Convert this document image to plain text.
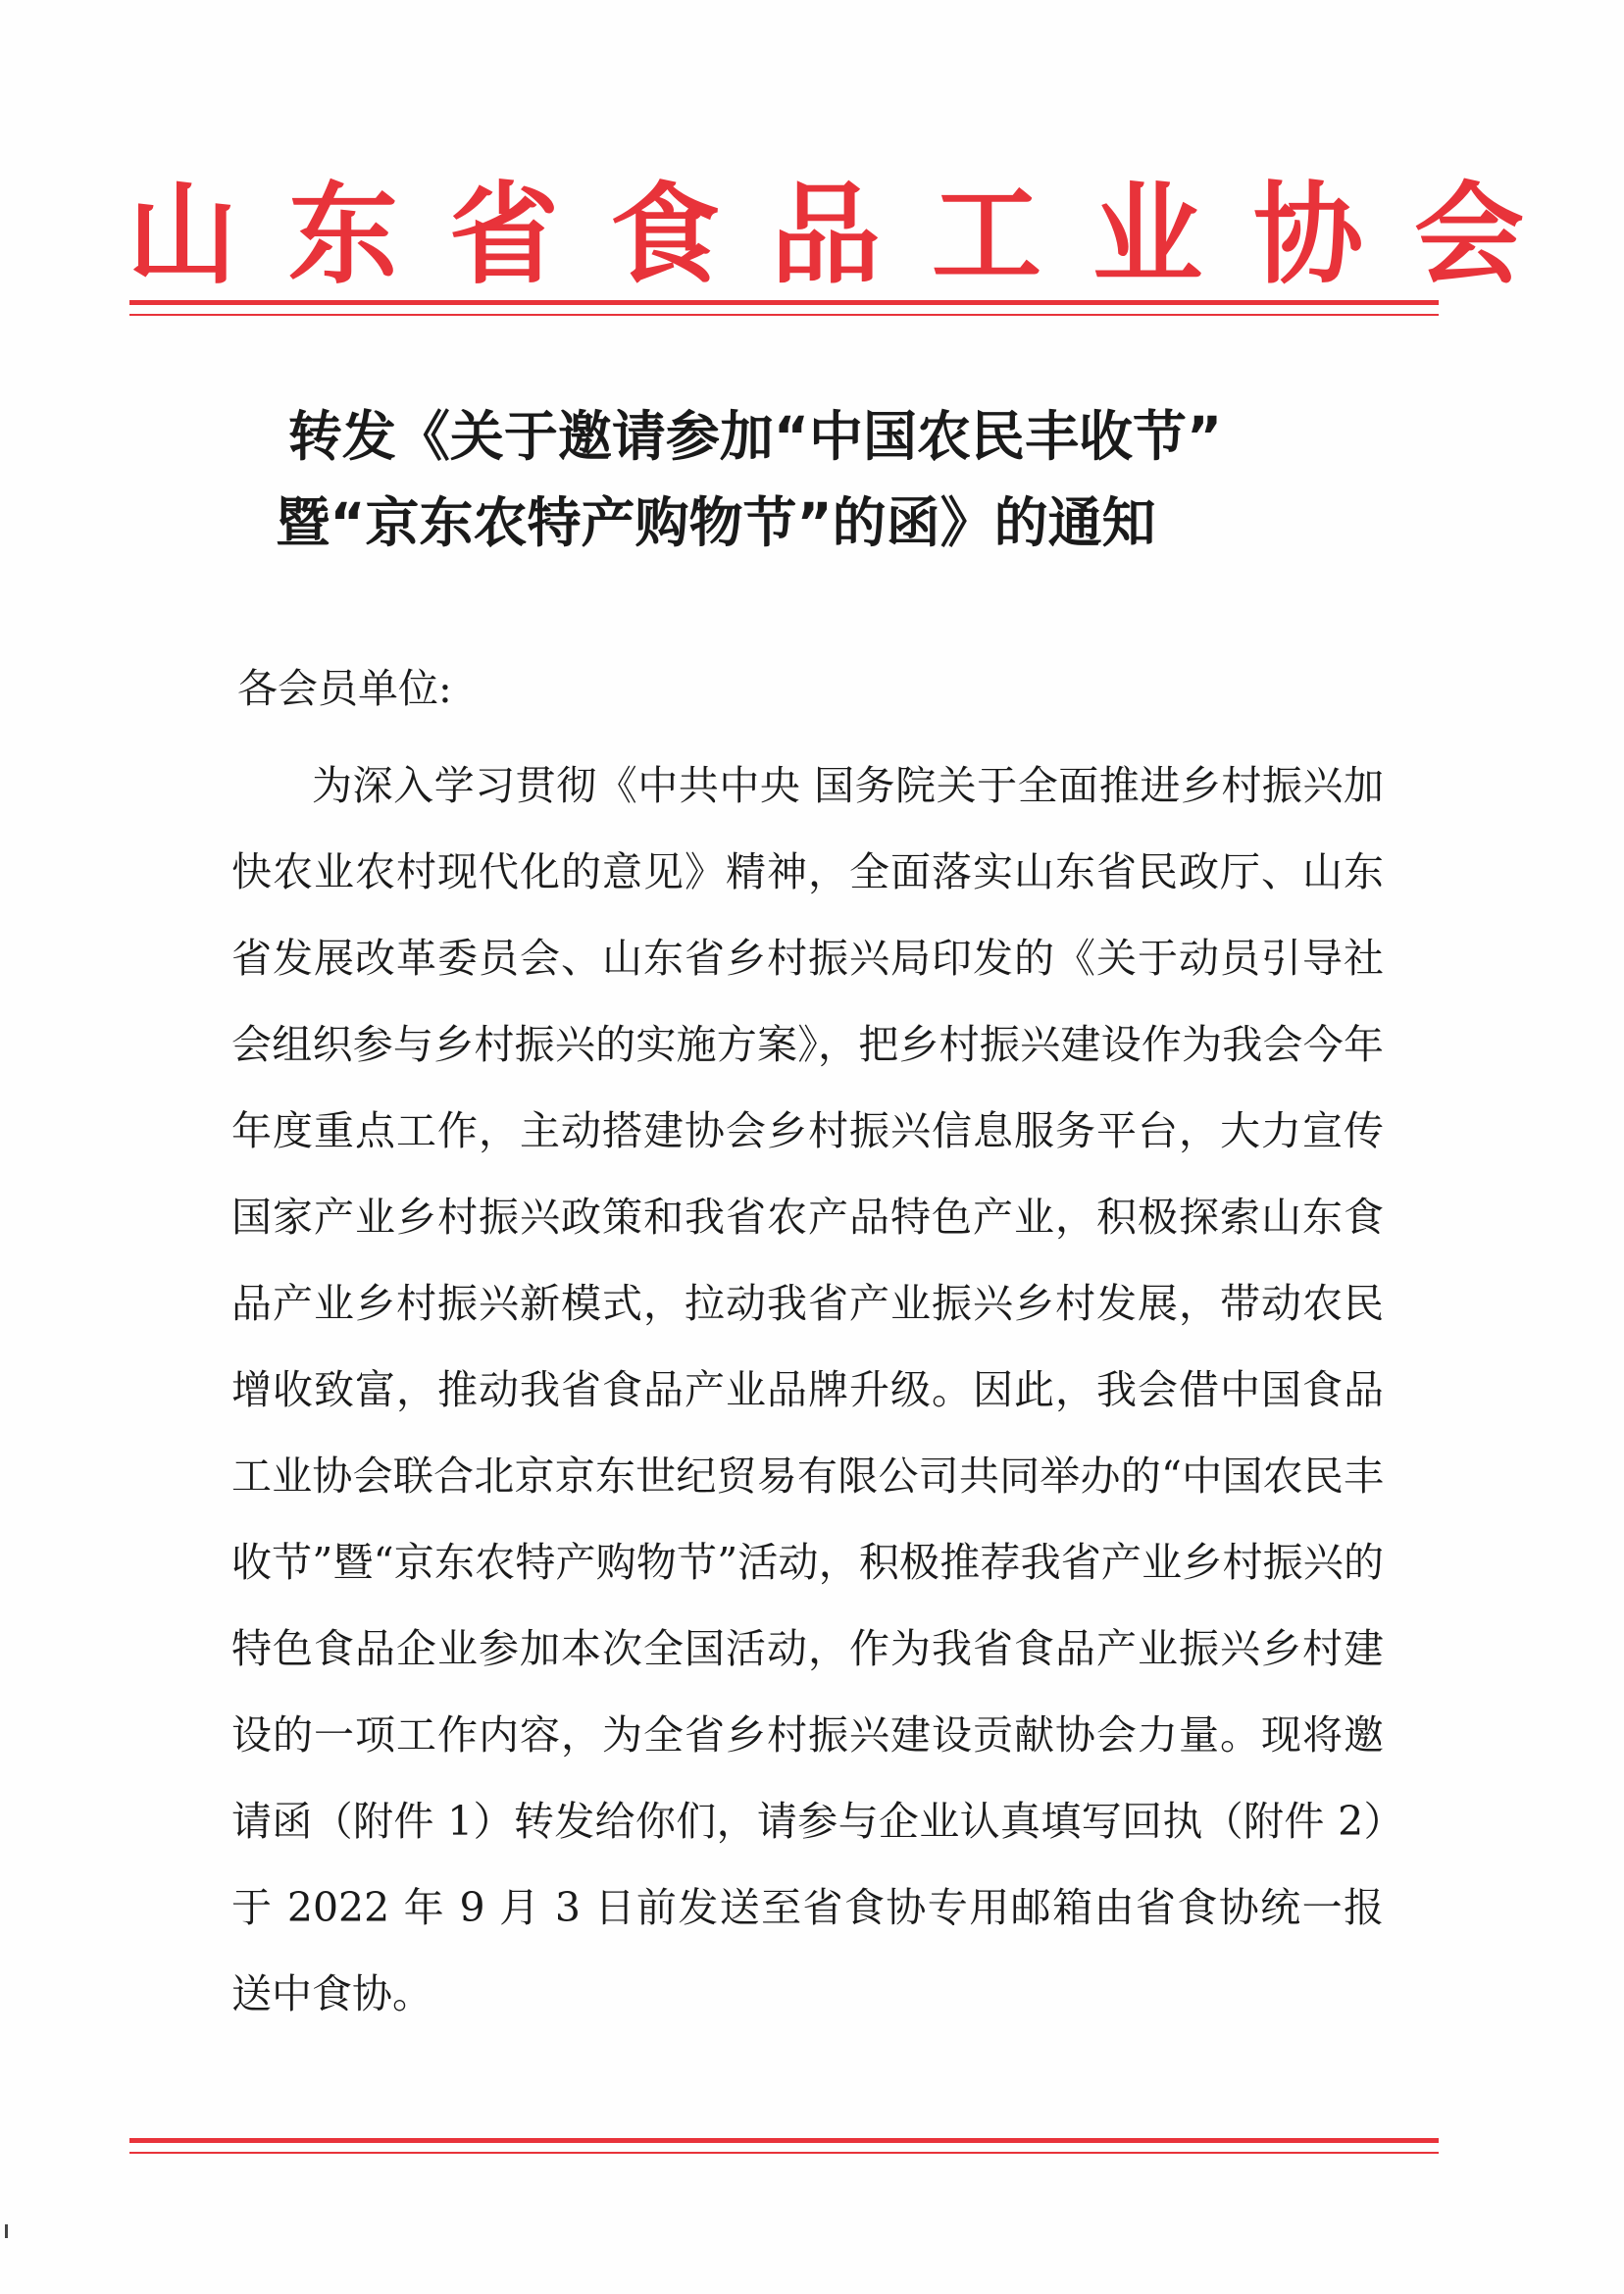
山东省食品工业协会
转发《关于邀请参加“中国农民丰收节”
暨“京东农特产购物节”的函》的通知
各会员单位:

为深入学习贯彻《中共中央 国务院关于全面推进乡村振兴加快农业农村现代化的意见》精神，全面落实山东省民政厅、山东省发展改革委员会、山东省乡村振兴局印发的《关于动员引导社会组织参与乡村振兴的实施方案》，把乡村振兴建设作为我会今年年度重点工作，主动搭建协会乡村振兴信息服务平台，大力宣传国家产业乡村振兴政策和我省农产品特色产业，积极探索山东食品产业乡村振兴新模式，拉动我省产业振兴乡村发展，带动农民增收致富，推动我省食品产业品牌升级。因此，我会借中国食品工业协会联合北京京东世纪贸易有限公司共同举办的“中国农民丰收节”暨“京东农特产购物节”活动，积极推荐我省产业乡村振兴的特色食品企业参加本次全国活动，作为我省食品产业振兴乡村建设的一项工作内容，为全省乡村振兴建设贡献协会力量。现将邀请函（附件 1）转发给你们，请参与企业认真填写回执（附件 2）于 2022 年 9 月 3 日前发送至省食协专用邮箱由省食协统一报送中食协。
